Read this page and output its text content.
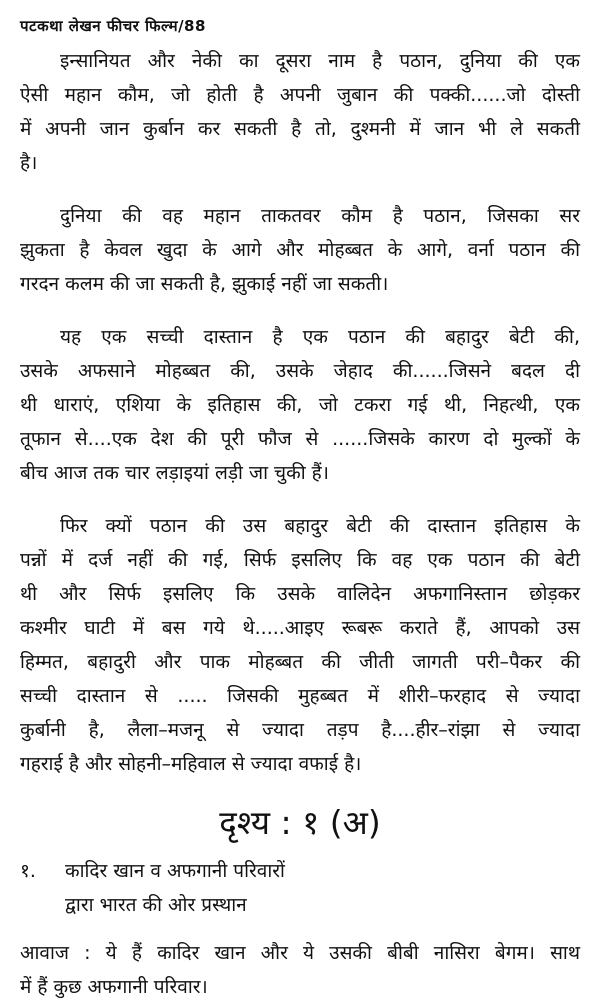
पटकथा लेखन फीचर फिल्म/88
इन्सानियत और नेकी का दूसरा नाम है पठान, दुनिया की एक
ऐसी महान कौम, जो होती है अपनी जुबान की पक्की......जो दोस्ती
में अपनी जान कुर्बान कर सकती है तो, दुश्मनी में जान भी ले सकती
है।
दुनिया की वह महान ताकतवर कौम है पठान, जिसका सर
झुकता है केवल खुदा के आगे और मोहब्बत के आगे, वर्ना पठान की
गरदन कलम की जा सकती है, झुकाई नहीं जा सकती।
यह एक सच्ची दास्तान है एक पठान की बहादुर बेटी की,
उसके अफसाने मोहब्बत की, उसके जेहाद की......जिसने बदल दी
थी धाराएं, एशिया के इतिहास की, जो टकरा गई थी, निहत्थी, एक
तूफान से....एक देश की पूरी फौज से ......जिसके कारण दो मुल्कों के
बीच आज तक चार लड़ाइयां लड़ी जा चुकी हैं।
फिर क्यों पठान की उस बहादुर बेटी की दास्तान इतिहास के
पन्नों में दर्ज नहीं की गई, सिर्फ इसलिए कि वह एक पठान की बेटी
थी और सिर्फ इसलिए कि उसके वालिदेन अफगानिस्तान छोड़कर
कश्मीर घाटी में बस गये थे.....आइए रूबरू कराते हैं, आपको उस
हिम्मत, बहादुरी और पाक मोहब्बत की जीती जागती परी–पैकर की
सच्ची दास्तान से ..... जिसकी मुहब्बत में शीरी–फरहाद से ज्यादा
कुर्बानी है, लैला–मजनू से ज्यादा तड़प है....हीर–रांझा से ज्यादा
गहराई है और सोहनी–महिवाल से ज्यादा वफाई है।
दृश्य : १ (अ)
१.	कादिर खान व अफगानी परिवारों
द्वारा भारत की ओर प्रस्थान
आवाज : ये हैं कादिर खान और ये उसकी बीबी नासिरा बेगम। साथ
में हैं कुछ अफगानी परिवार।
